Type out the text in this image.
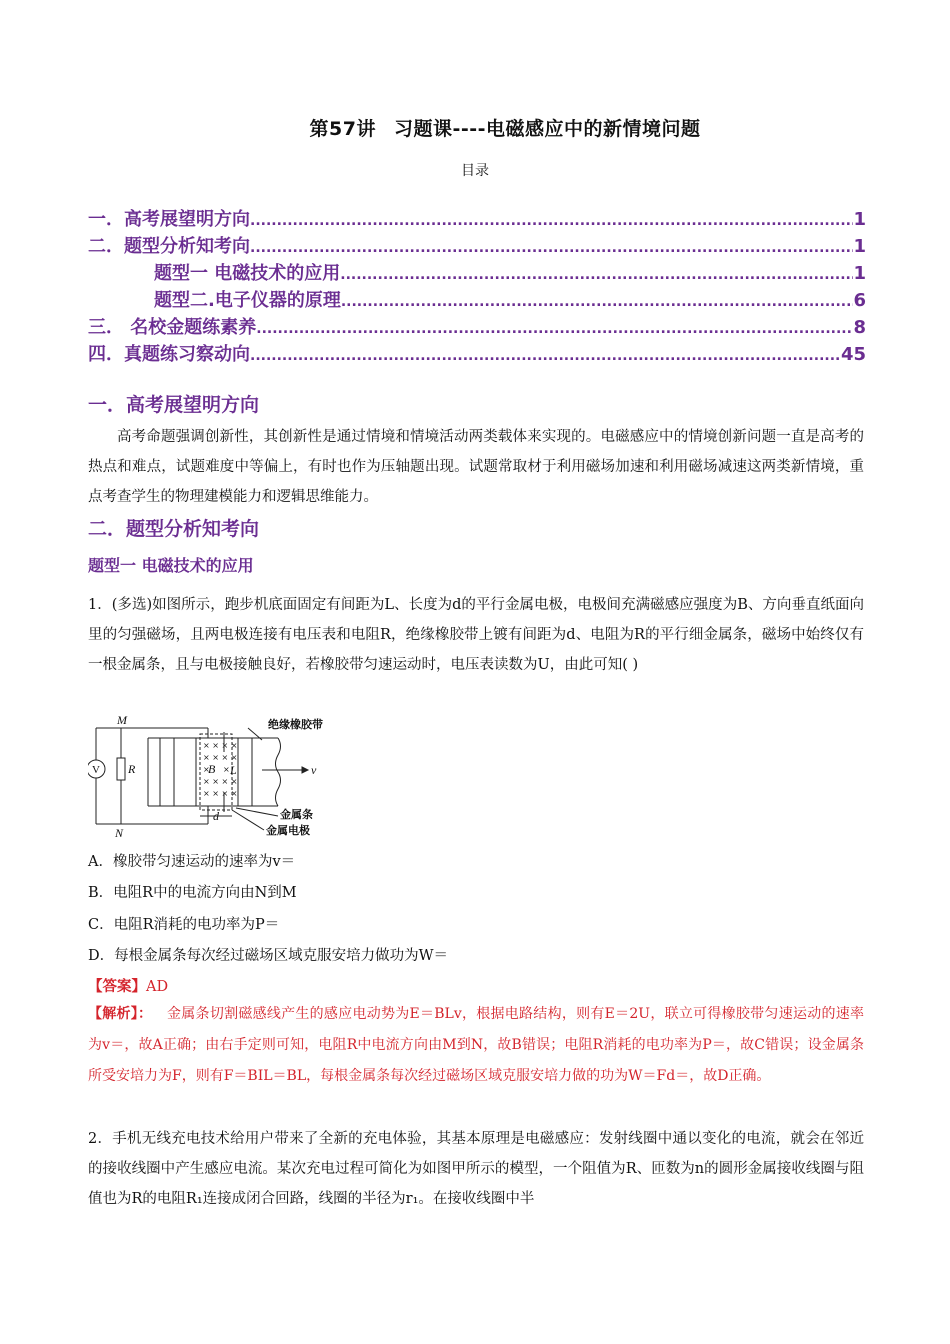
第57讲 习题课----电磁感应中的新情境问题
目录
一．高考展望明方向 .....	1
二．题型分析知考向 .....	1
题型一 电磁技术的应用 .....	1
题型二.电子仪器的原理 .....	6
三． 名校金题练素养 .....	8
四．真题练习察动向 .....	45
一．高考展望明方向
高考命题强调创新性，其创新性是通过情境和情境活动两类载体来实现的。电磁感应中的情境创新问题一直是高考的热点和难点，试题难度中等偏上，有时也作为压轴题出现。试题常取材于利用磁场加速和利用磁场减速这两类新情境，重点考查学生的物理建模能力和逻辑思维能力。
二．题型分析知考向
题型一 电磁技术的应用
1．(多选)如图所示，跑步机底面固定有间距为L、长度为d的平行金属电极，电极间充满磁感应强度为B、方向垂直纸面向里的匀强磁场，且两电极连接有电压表和电阻R，绝缘橡胶带上镀有间距为d、电阻为R的平行细金属条，磁场中始终仅有一根金属条，且与电极接触良好，若橡胶带匀速运动时，电压表读数为U，由此可知( )
× × × ×
× × × ×
× ×
× × × ×
× × × ×
M
N
V R	B L
d
v
绝缘橡胶带
金属条
金属电极
A．橡胶带匀速运动的速率为v＝
B．电阻R中的电流方向由N到M
C．电阻R消耗的电功率为P＝
D．每根金属条每次经过磁场区域克服安培力做功为W＝
【答案】AD
【解析】： 金属条切割磁感线产生的感应电动势为E＝BLv，根据电路结构，则有E＝2U，联立可得橡胶带匀速运动的速率为v＝，故A正确；由右手定则可知，电阻R中电流方向由M到N，故B错误；电阻R消耗的电功率为P＝，故C错误；设金属条所受安培力为F，则有F＝BIL＝BL，每根金属条每次经过磁场区域克服安培力做的功为W＝Fd＝，故D正确。
2．手机无线充电技术给用户带来了全新的充电体验，其基本原理是电磁感应：发射线圈中通以变化的电流，就会在邻近的接收线圈中产生感应电流。某次充电过程可简化为如图甲所示的模型，一个阻值为R、匝数为n的圆形金属接收线圈与阻值也为R的电阻R₁连接成闭合回路，线圈的半径为r₁。在接收线圈中半
